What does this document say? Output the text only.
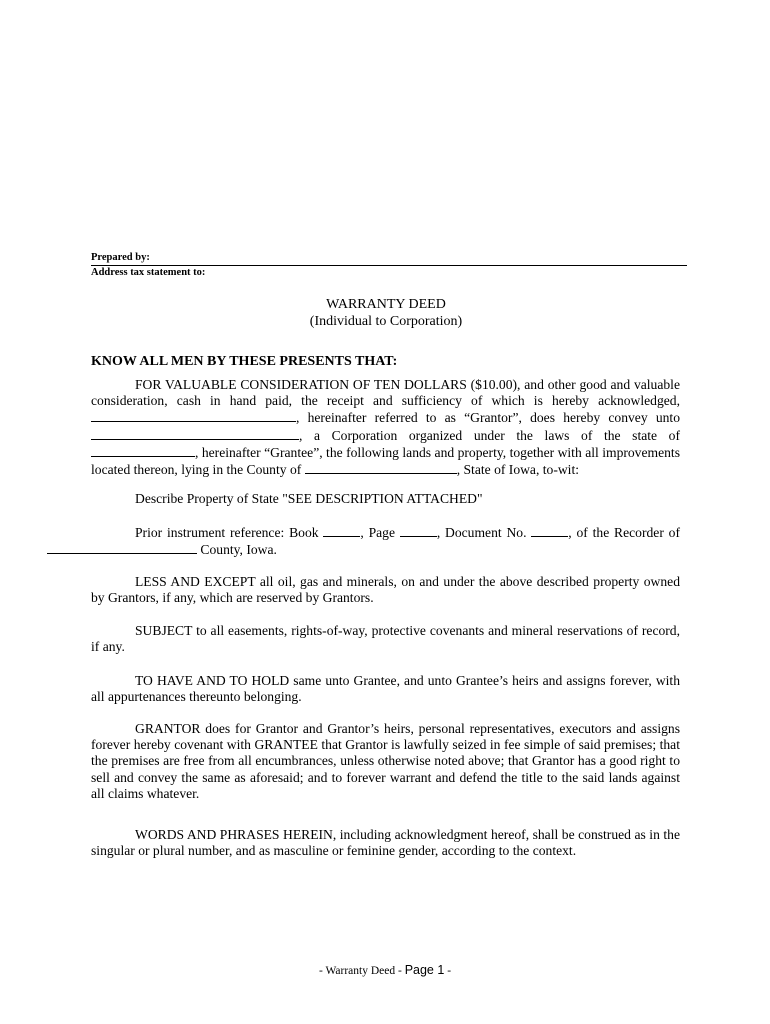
Prepared by:
Address tax statement to:
WARRANTY DEED
(Individual to Corporation)
KNOW ALL MEN BY THESE PRESENTS THAT:
FOR VALUABLE CONSIDERATION OF TEN DOLLARS ($10.00), and other good and valuable consideration, cash in hand paid, the receipt and sufficiency of which is hereby acknowledged, , hereinafter referred to as “Grantor”, does hereby convey unto , a Corporation organized under the laws of the state of , hereinafter “Grantee”, the following lands and property, together with all improvements located thereon, lying in the County of	, State of Iowa, to-wit:
Describe Property of State "SEE DESCRIPTION ATTACHED"
Prior instrument reference: Book	, Page	, Document No.	, of the Recorder of  County, Iowa.
LESS AND EXCEPT all oil, gas and minerals, on and under the above described property owned by Grantors, if any, which are reserved by Grantors.
SUBJECT to all easements, rights-of-way, protective covenants and mineral reservations of record, if any.
TO HAVE AND TO HOLD same unto Grantee, and unto Grantee’s heirs and assigns forever, with all appurtenances thereunto belonging.
GRANTOR does for Grantor and Grantor’s heirs, personal representatives, executors and assigns forever hereby covenant with GRANTEE that Grantor is lawfully seized in fee simple of said premises; that the premises are free from all encumbrances, unless otherwise noted above; that Grantor has a good right to sell and convey the same as aforesaid; and to forever warrant and defend the title to the said lands against all claims whatever.
WORDS AND PHRASES HEREIN, including acknowledgment hereof, shall be construed as in the singular or plural number, and as masculine or feminine gender, according to the context.
- Warranty Deed - Page 1 -
